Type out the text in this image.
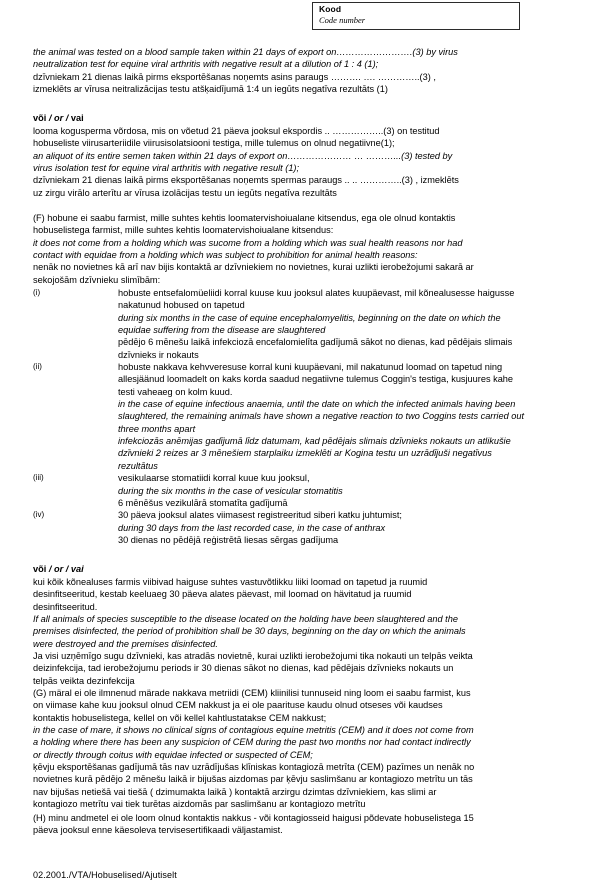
Kood
Code number
the animal was tested on a blood sample taken within 21 days of export on…………………….(3) by virus
neutralization test for equine viral arthritis with negative result at a dilution of 1 : 4 (1);
dzīvniekam 21 dienas laikā pirms eksportēšanas noņemts asins paraugs ………. …. …………..(3) ,
izmeklēts ar vīrusa neitralizācijas testu atšķaidījumā 1:4 un iegūts negatīva rezultāts (1)
või / or / vai
looma kogusperma võrdosa, mis on võetud 21 päeva jooksul ekspordis .. ……………..(3) on testitud
hobuseliste viirusarteriidile viirusisolatsiooni testiga, mille tulemus on olnud negatiivne(1);
an aliquot of its entire semen taken within 21 days of export on………………… … ………...(3) tested by
virus isolation test for equine viral arthritis with negative result (1);
dzīvniekam 21 dienas laikā pirms eksportēšanas noņemts spermas paraugs .. .. …………..(3) , izmeklēts
uz zirgu virālo arterītu ar vīrusa izolācijas testu un iegūts negatīva rezultāts
(F) hobune ei saabu farmist, mille suhtes kehtis loomatervishoiualane kitsendus, ega ole olnud kontaktis
hobuselistega farmist, mille suhtes kehtis loomatervishoiualane kitsendus:
it does not come from a holding which was sucome from a holding which was sual health reasons nor had
contact with equidae from a holding which was subject to prohibition for animal health reasons:
nenāk no novietnes kā arī nav bijis kontaktā ar dzīvniekiem no novietnes, kurai uzlikti ierobežojumi sakarā ar
sekojošām dzīvnieku slimībām:
(i)	hobuste entsefalomüeliidi korral kuuse kuu jooksul alates kuupäevast, mil kõnealusesse haigusse
nakatunud hobused on tapetud
during six months in the case of equine encephalomyelitis, beginning on the date on which the
equidae suffering from the disease are slaughtered
pēdējo 6 mēnešu laikā infekciozā encefalomielīta gadījumā sākot no dienas, kad pēdējais slimais
dzīvnieks ir nokauts
(ii)	hobuste nakkava kehvveresuse korral kuni kuupäevani, mil nakatunud loomad on tapetud ning
allesjäänud loomadelt on kaks korda saadud negatiivne tulemus Coggin's testiga, kusjuures kahe
testi vaheaeg on kolm kuud.
in the case of equine infectious anaemia, until the date on which the infected animals having been
slaughtered, the remaining animals have shown a negative reaction to two Coggins tests carried out
three months apart
infekciozās anēmijas gadījumā līdz datumam, kad pēdējais slimais dzīvnieks nokauts un atlikušie
dzīvnieki 2 reizes ar 3 mēnešiem starplaiku izmeklēti ar Kogina testu un uzrādījuši negatīvus
rezultātus
(iii)	vesikulaarse stomatiidi korral kuue kuu jooksul,
during the six months in the case of vesicular stomatitis
6 mēnēšus vezikulārā stomatīta gadījumā
(iv)	30 päeva jooksul alates viimasest registreeritud siberi katku juhtumist;
during 30 days from the last recorded case, in the case of anthrax
30 dienas no pēdējā reģistrētā liesas sērgas gadījuma
või / or / vai
kui kõik kõnealuses farmis viibivad haiguse suhtes vastuvõtlikku liiki loomad on tapetud ja ruumid
desinfitseeritud, kestab keeluaeg 30 päeva alates päevast, mil loomad on hävitatud ja ruumid
desinfitseeritud.
If all animals of species susceptible to the disease located on the holding have been slaughtered and the
premises disinfected, the period of prohibition shall be 30 days, beginning on the day on which the animals
were destroyed and the premises disinfected.
Ja visi uzņēmīgo sugu dzīvnieki, kas atradās novietnē, kurai uzlikti ierobežojumi tika nokauti un telpās veikta
deizinfekcija, tad ierobežojumu periods ir 30 dienas sākot no dienas, kad pēdējais dzīvnieks nokauts un
telpās veikta dezinfekcija
(G) märal ei ole ilmnenud märade nakkava metriidi (CEM) kliinilisi tunnuseid ning loom ei saabu farmist, kus
on viimase kahe kuu jooksul olnud CEM nakkust ja ei ole paarituse kaudu olnud otseses või kaudses
kontaktis hobuselistega, kellel on või kellel kahtlustatakse CEM nakkust;
in the case of mare, it shows no clinical signs of contagious equine metritis (CEM) and it does not come from
a holding where there has been any suspicion of CEM during the past two months nor had contact indirectly
or directly through coitus with equidae infected or suspected of CEM;
ķēvju eksportēšanas gadījumā tās nav uzrādījušas klīniskas kontagiozā metrīta (CEM) pazīmes un nenāk no
novietnes kurā pēdējo 2 mēnešu laikā ir bijušas aizdomas par ķēvju saslimšanu ar kontagiozo metrītu un tās
nav bijušas netiešā vai tiešā ( dzimumakta laikā ) kontaktā arzirgu dzimtas dzīvniekiem, kas slimi ar
kontagiozo metrītu vai tiek turētas aizdomās par saslimšanu ar kontagiozo metrītu
(H) minu andmetel ei ole loom olnud kontaktis nakkus - või kontagiosseid haigusi põdevate hobuselistega 15
päeva jooksul enne käesoleva tervisesertifikaadi väljastamist.
02.2001./VTA/Hobuselised/Ajutiselt
